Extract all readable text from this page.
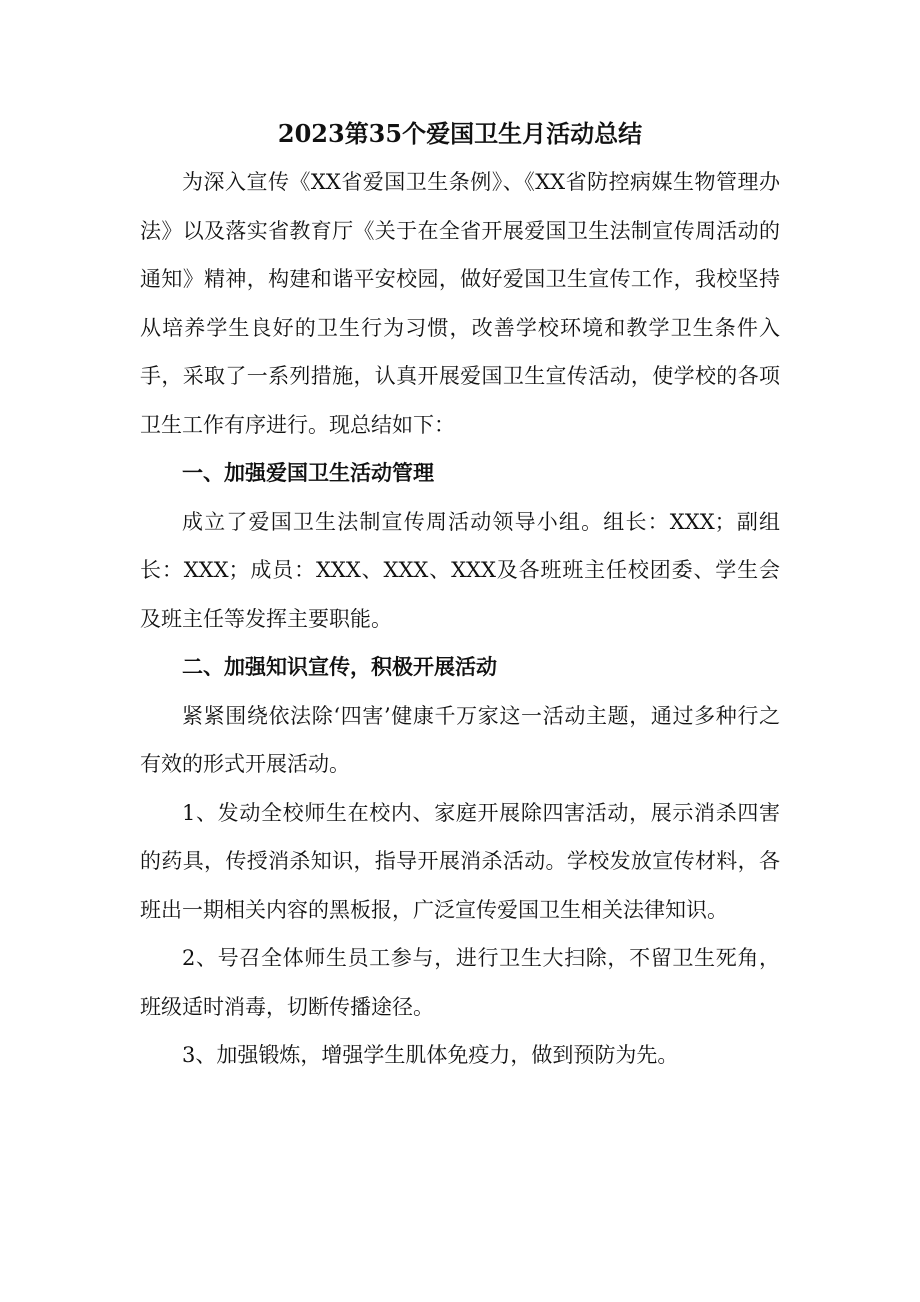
2023第35个爱国卫生月活动总结

为深入宣传《XX省爱国卫生条例》、《XX省防控病媒生物管理办法》以及落实省教育厅《关于在全省开展爱国卫生法制宣传周活动的通知》精神，构建和谐平安校园，做好爱国卫生宣传工作，我校坚持从培养学生良好的卫生行为习惯，改善学校环境和教学卫生条件入手，采取了一系列措施，认真开展爱国卫生宣传活动，使学校的各项卫生工作有序进行。现总结如下：

一、加强爱国卫生活动管理

成立了爱国卫生法制宣传周活动领导小组。组长：XXX；副组长：XXX；成员：XXX、XXX、XXX及各班班主任校团委、学生会及班主任等发挥主要职能。

二、加强知识宣传，积极开展活动

紧紧围绕依法除‘四害’健康千万家这一活动主题，通过多种行之有效的形式开展活动。

1、发动全校师生在校内、家庭开展除四害活动，展示消杀四害的药具，传授消杀知识，指导开展消杀活动。学校发放宣传材料，各班出一期相关内容的黑板报，广泛宣传爱国卫生相关法律知识。

2、号召全体师生员工参与，进行卫生大扫除，不留卫生死角，班级适时消毒，切断传播途径。

3、加强锻炼，增强学生肌体免疫力，做到预防为先。
